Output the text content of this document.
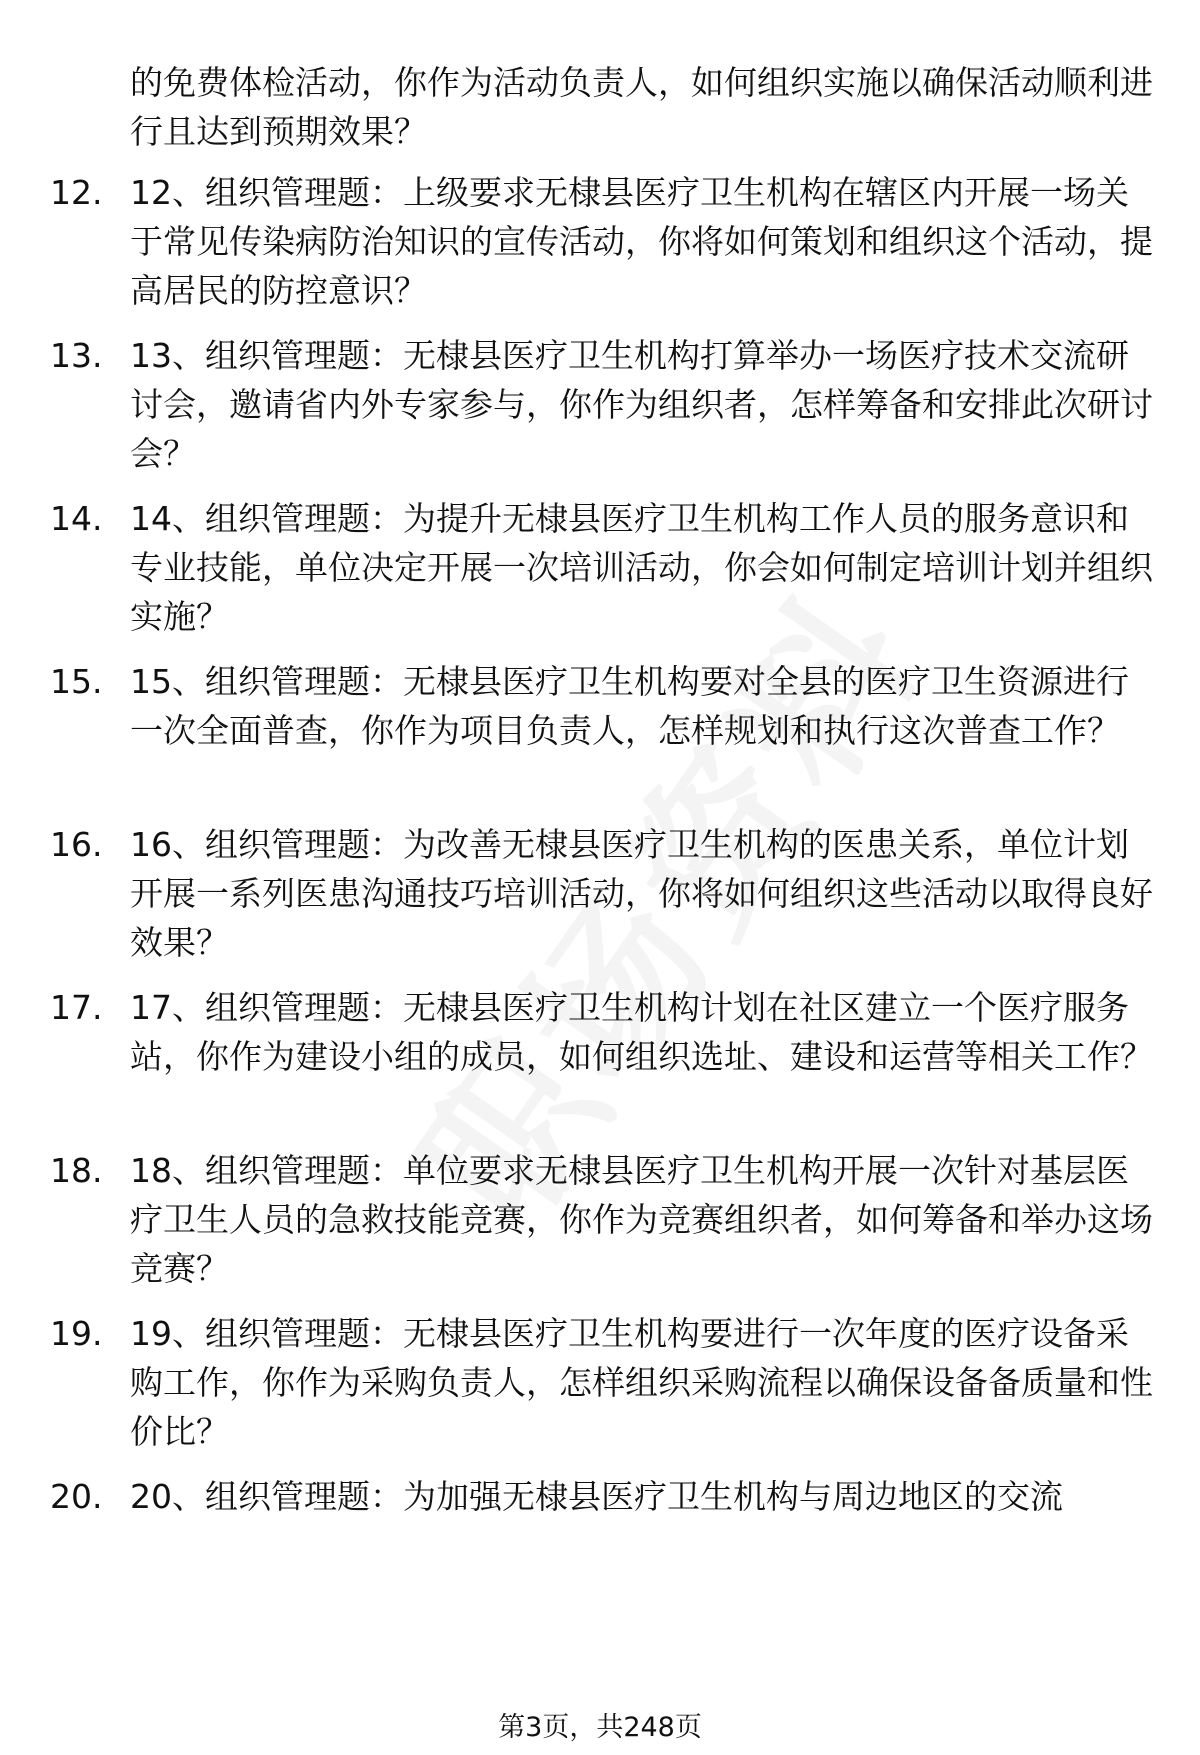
的免费体检活动，你作为活动负责人，如何组织实施以确保活动顺利进行且达到预期效果？
12. 12、组织管理题：上级要求无棣县医疗卫生机构在辖区内开展一场关于常见传染病防治知识的宣传活动，你将如何策划和组织这个活动，提高居民的防控意识？
13. 13、组织管理题：无棣县医疗卫生机构打算举办一场医疗技术交流研讨会，邀请省内外专家参与，你作为组织者，怎样筹备和安排此次研讨会？
14. 14、组织管理题：为提升无棣县医疗卫生机构工作人员的服务意识和专业技能，单位决定开展一次培训活动，你会如何制定培训计划并组织实施？
15. 15、组织管理题：无棣县医疗卫生机构要对全县的医疗卫生资源进行一次全面普查，你作为项目负责人，怎样规划和执行这次普查工作？
16. 16、组织管理题：为改善无棣县医疗卫生机构的医患关系，单位计划开展一系列医患沟通技巧培训活动，你将如何组织这些活动以取得良好效果？
17. 17、组织管理题：无棣县医疗卫生机构计划在社区建立一个医疗服务站，你作为建设小组的成员，如何组织选址、建设和运营等相关工作？
18. 18、组织管理题：单位要求无棣县医疗卫生机构开展一次针对基层医疗卫生人员的急救技能竞赛，你作为竞赛组织者，如何筹备和举办这场竞赛？
19. 19、组织管理题：无棣县医疗卫生机构要进行一次年度的医疗设备采购工作，你作为采购负责人，怎样组织采购流程以确保设备备质量和性价比？
20. 20、组织管理题：为加强无棣县医疗卫生机构与周边地区的交流
第3页，共248页
